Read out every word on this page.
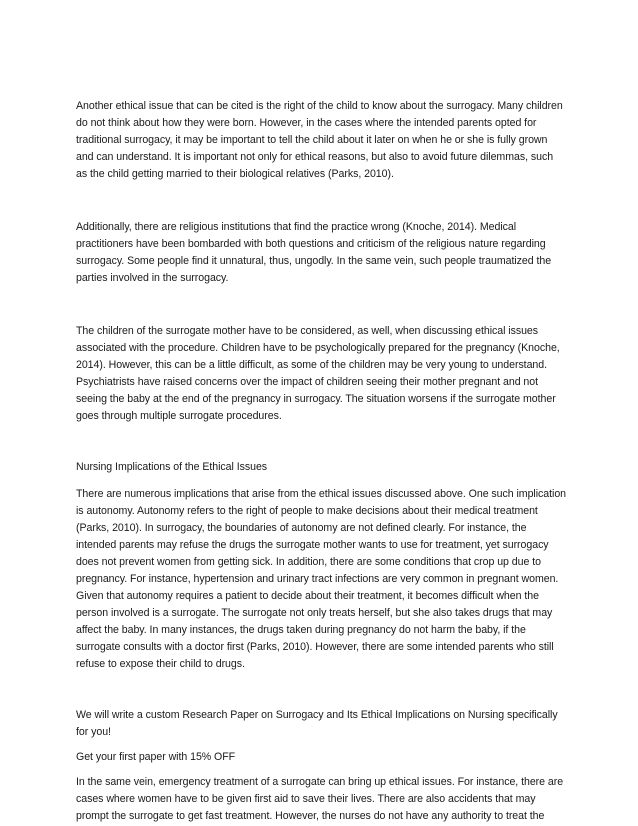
Another ethical issue that can be cited is the right of the child to know about the surrogacy. Many children do not think about how they were born. However, in the cases where the intended parents opted for traditional surrogacy, it may be important to tell the child about it later on when he or she is fully grown and can understand. It is important not only for ethical reasons, but also to avoid future dilemmas, such as the child getting married to their biological relatives (Parks, 2010).

Additionally, there are religious institutions that find the practice wrong (Knoche, 2014). Medical practitioners have been bombarded with both questions and criticism of the religious nature regarding surrogacy. Some people find it unnatural, thus, ungodly. In the same vein, such people traumatized the parties involved in the surrogacy.

The children of the surrogate mother have to be considered, as well, when discussing ethical issues associated with the procedure. Children have to be psychologically prepared for the pregnancy (Knoche, 2014). However, this can be a little difficult, as some of the children may be very young to understand. Psychiatrists have raised concerns over the impact of children seeing their mother pregnant and not seeing the baby at the end of the pregnancy in surrogacy. The situation worsens if the surrogate mother goes through multiple surrogate procedures.

Nursing Implications of the Ethical Issues

There are numerous implications that arise from the ethical issues discussed above. One such implication is autonomy. Autonomy refers to the right of people to make decisions about their medical treatment (Parks, 2010). In surrogacy, the boundaries of autonomy are not defined clearly. For instance, the intended parents may refuse the drugs the surrogate mother wants to use for treatment, yet surrogacy does not prevent women from getting sick. In addition, there are some conditions that crop up due to pregnancy. For instance, hypertension and urinary tract infections are very common in pregnant women. Given that autonomy requires a patient to decide about their treatment, it becomes difficult when the person involved is a surrogate. The surrogate not only treats herself, but she also takes drugs that may affect the baby. In many instances, the drugs taken during pregnancy do not harm the baby, if the surrogate consults with a doctor first (Parks, 2010). However, there are some intended parents who still refuse to expose their child to drugs.

We will write a custom Research Paper on Surrogacy and Its Ethical Implications on Nursing specifically for you!

Get your first paper with 15% OFF

In the same vein, emergency treatment of a surrogate can bring up ethical issues. For instance, there are cases where women have to be given first aid to save their lives. There are also accidents that may prompt the surrogate to get fast treatment. However, the nurses do not have any authority to treat the
